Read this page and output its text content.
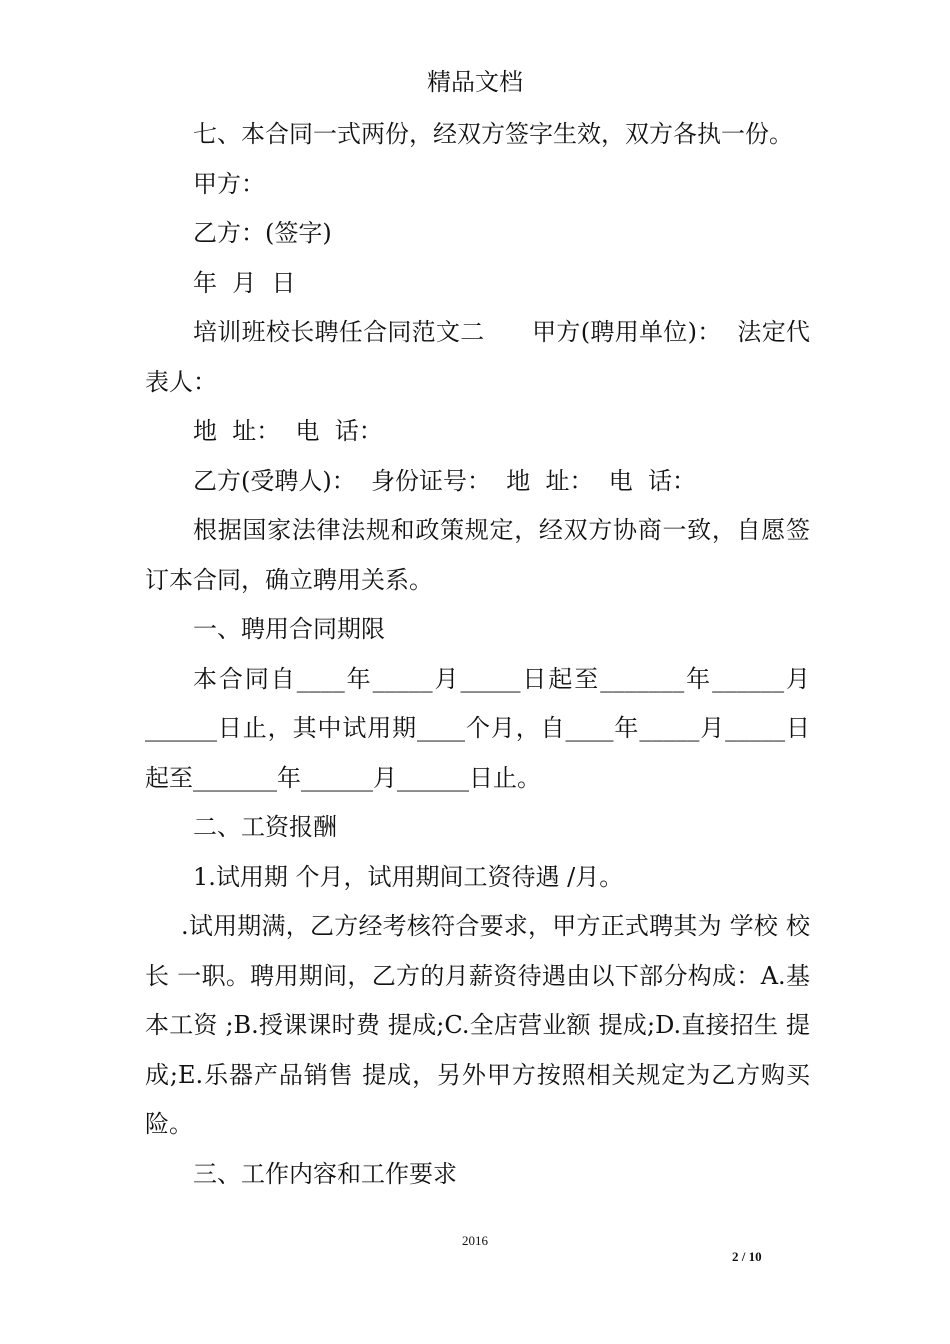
精品文档

七、本合同一式两份，经双方签字生效，双方各执一份。

甲方：

乙方：(签字)

年  月  日

培训班校长聘任合同范文二      甲方(聘用单位)：  法定代表人：

地  址：  电  话：

乙方(受聘人)：  身份证号：  地  址：  电  话：

根据国家法律法规和政策规定，经双方协商一致，自愿签订本合同，确立聘用关系。

一、聘用合同期限

本合同自____年_____月_____日起至_______年______月______日止，其中试用期____个月，自____年_____月_____日起至_______年______月______日止。

二、工资报酬

1.试用期 个月，试用期间工资待遇 /月。

.试用期满，乙方经考核符合要求，甲方正式聘其为 学校 校长 一职。聘用期间，乙方的月薪资待遇由以下部分构成：A.基本工资 ;B.授课课时费 提成;C.全店营业额 提成;D.直接招生 提成;E.乐器产品销售 提成，另外甲方按照相关规定为乙方购买 险。

三、工作内容和工作要求

2016
2 / 10
